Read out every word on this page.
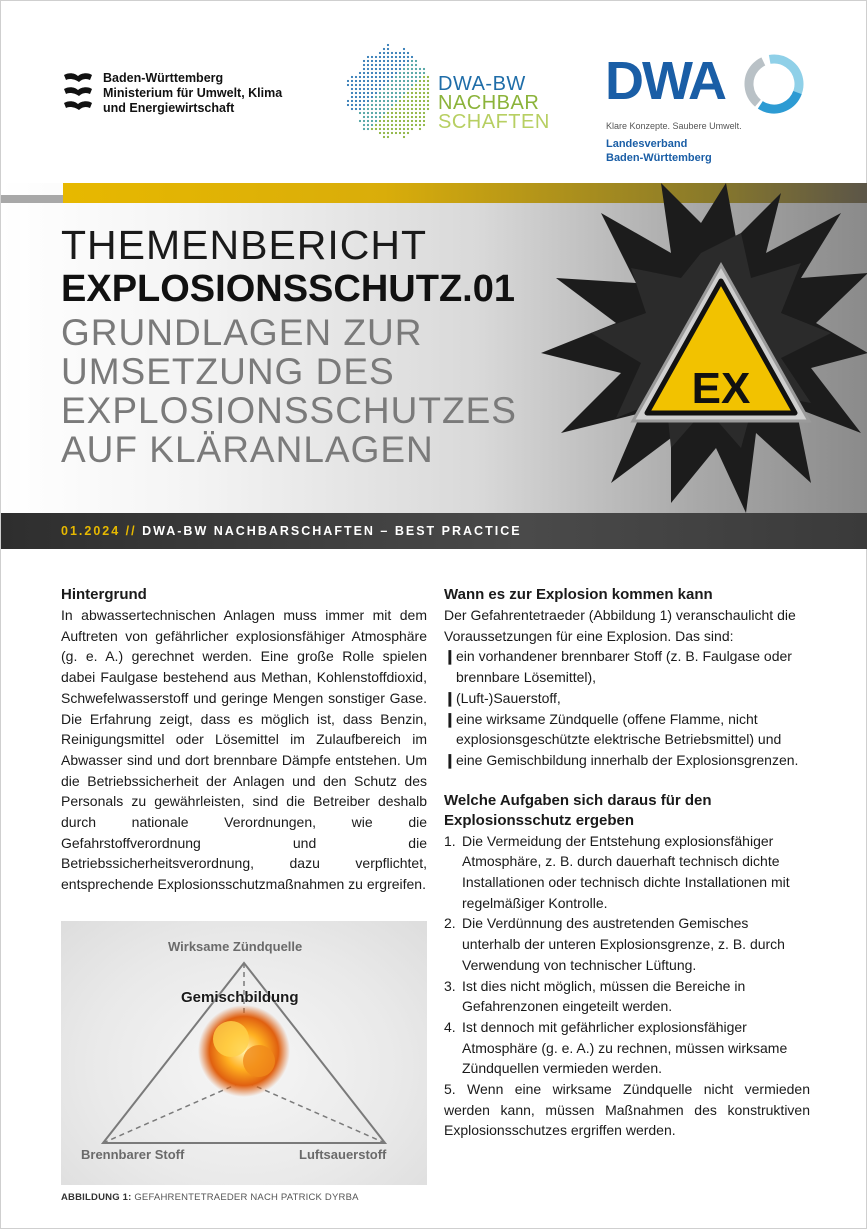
Baden-Württemberg
Ministerium für Umwelt, Klima
und Energiewirtschaft
DWA-BW
NACHBAR
SCHAFTEN
DWA
Klare Konzepte. Saubere Umwelt.
Landesverband
Baden-Württemberg
THEMENBERICHT
EXPLOSIONSSCHUTZ.01
GRUNDLAGEN ZUR
UMSETZUNG DES
EXPLOSIONSSCHUTZES
AUF KLÄRANLAGEN
EX
01.2024 // DWA-BW NACHBARSCHAFTEN – BEST PRACTICE
Hintergrund
In abwassertechnischen Anlagen muss immer mit dem Auftreten von gefährlicher explosionsfähiger Atmosphäre (g. e. A.) gerechnet werden. Eine große Rolle spielen dabei Faulgase bestehend aus Methan, Kohlenstoffdioxid, Schwefelwasserstoff und geringe Mengen sonstiger Gase. Die Erfahrung zeigt, dass es möglich ist, dass Benzin, Reinigungsmittel oder Lösemittel im Zulaufbereich im Abwasser sind und dort brennbare Dämpfe entstehen. Um die Betriebssicherheit der Anlagen und den Schutz des Personals zu gewährleisten, sind die Betreiber deshalb durch nationale Verordnungen, wie die Gefahrstoffverordnung und die Betriebssicherheitsverordnung, dazu verpflichtet, entsprechende Explosionsschutzmaßnahmen zu ergreifen.
Wirksame Zündquelle
Gemischbildung
Brennbarer Stoff	Luftsauerstoff
ABBILDUNG 1: GEFAHRENTETRAEDER NACH PATRICK DYRBA
Wann es zur Explosion kommen kann
Der Gefahrentetraeder (Abbildung 1) veranschaulicht die Voraussetzungen für eine Explosion. Das sind:
❙ ein vorhandener brennbarer Stoff (z. B. Faulgase oder brennbare Lösemittel),
❙ (Luft-)Sauerstoff,
❙ eine wirksame Zündquelle (offene Flamme, nicht explosionsgeschützte elektrische Betriebsmittel) und
❙ eine Gemischbildung innerhalb der Explosionsgrenzen.
Welche Aufgaben sich daraus für den Explosionsschutz ergeben
1. Die Vermeidung der Entstehung explosionsfähiger Atmosphäre, z. B. durch dauerhaft technisch dichte Installationen oder technisch dichte Installationen mit regelmäßiger Kontrolle.
2. Die Verdünnung des austretenden Gemisches unterhalb der unteren Explosionsgrenze, z. B. durch Verwendung von technischer Lüftung.
3. Ist dies nicht möglich, müssen die Bereiche in Gefahrenzonen eingeteilt werden.
4. Ist dennoch mit gefährlicher explosionsfähiger Atmosphäre (g. e. A.) zu rechnen, müssen wirksame Zündquellen vermieden werden.
5. Wenn eine wirksame Zündquelle nicht vermieden werden kann, müssen Maßnahmen des konstruktiven Explosionsschutzes ergriffen werden.
